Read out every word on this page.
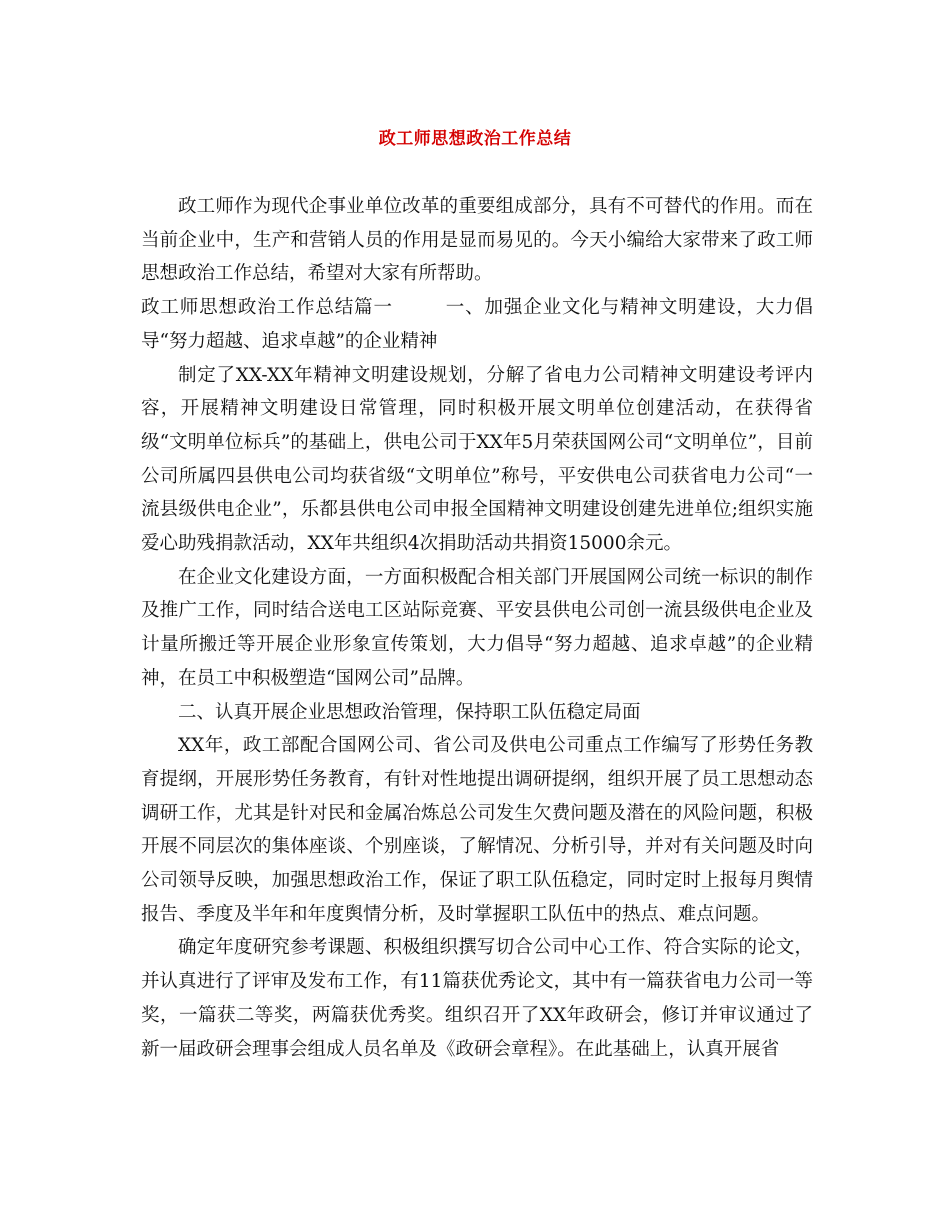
政工师思想政治工作总结

政工师作为现代企事业单位改革的重要组成部分，具有不可替代的作用。而在当前企业中，生产和营销人员的作用是显而易见的。今天小编给大家带来了政工师思想政治工作总结，希望对大家有所帮助。

政工师思想政治工作总结篇一	一、加强企业文化与精神文明建设，大力倡导“努力超越、追求卓越”的企业精神

制定了XX-XX年精神文明建设规划，分解了省电力公司精神文明建设考评内容，开展精神文明建设日常管理，同时积极开展文明单位创建活动，在获得省级“文明单位标兵”的基础上，供电公司于XX年5月荣获国网公司“文明单位”，目前公司所属四县供电公司均获省级“文明单位”称号，平安供电公司获省电力公司“一流县级供电企业”，乐都县供电公司申报全国精神文明建设创建先进单位;组织实施爱心助残捐款活动，XX年共组织4次捐助活动共捐资15000余元。

在企业文化建设方面，一方面积极配合相关部门开展国网公司统一标识的制作及推广工作，同时结合送电工区站际竞赛、平安县供电公司创一流县级供电企业及计量所搬迁等开展企业形象宣传策划，大力倡导“努力超越、追求卓越”的企业精神，在员工中积极塑造“国网公司”品牌。

二、认真开展企业思想政治管理，保持职工队伍稳定局面

XX年，政工部配合国网公司、省公司及供电公司重点工作编写了形势任务教育提纲，开展形势任务教育，有针对性地提出调研提纲，组织开展了员工思想动态调研工作，尤其是针对民和金属冶炼总公司发生欠费问题及潜在的风险问题，积极开展不同层次的集体座谈、个别座谈，了解情况、分析引导，并对有关问题及时向公司领导反映，加强思想政治工作，保证了职工队伍稳定，同时定时上报每月舆情报告、季度及半年和年度舆情分析，及时掌握职工队伍中的热点、难点问题。

确定年度研究参考课题、积极组织撰写切合公司中心工作、符合实际的论文，并认真进行了评审及发布工作，有11篇获优秀论文，其中有一篇获省电力公司一等奖，一篇获二等奖，两篇获优秀奖。组织召开了XX年政研会，修订并审议通过了新一届政研会理事会组成人员名单及《政研会章程》。在此基础上，认真开展省
